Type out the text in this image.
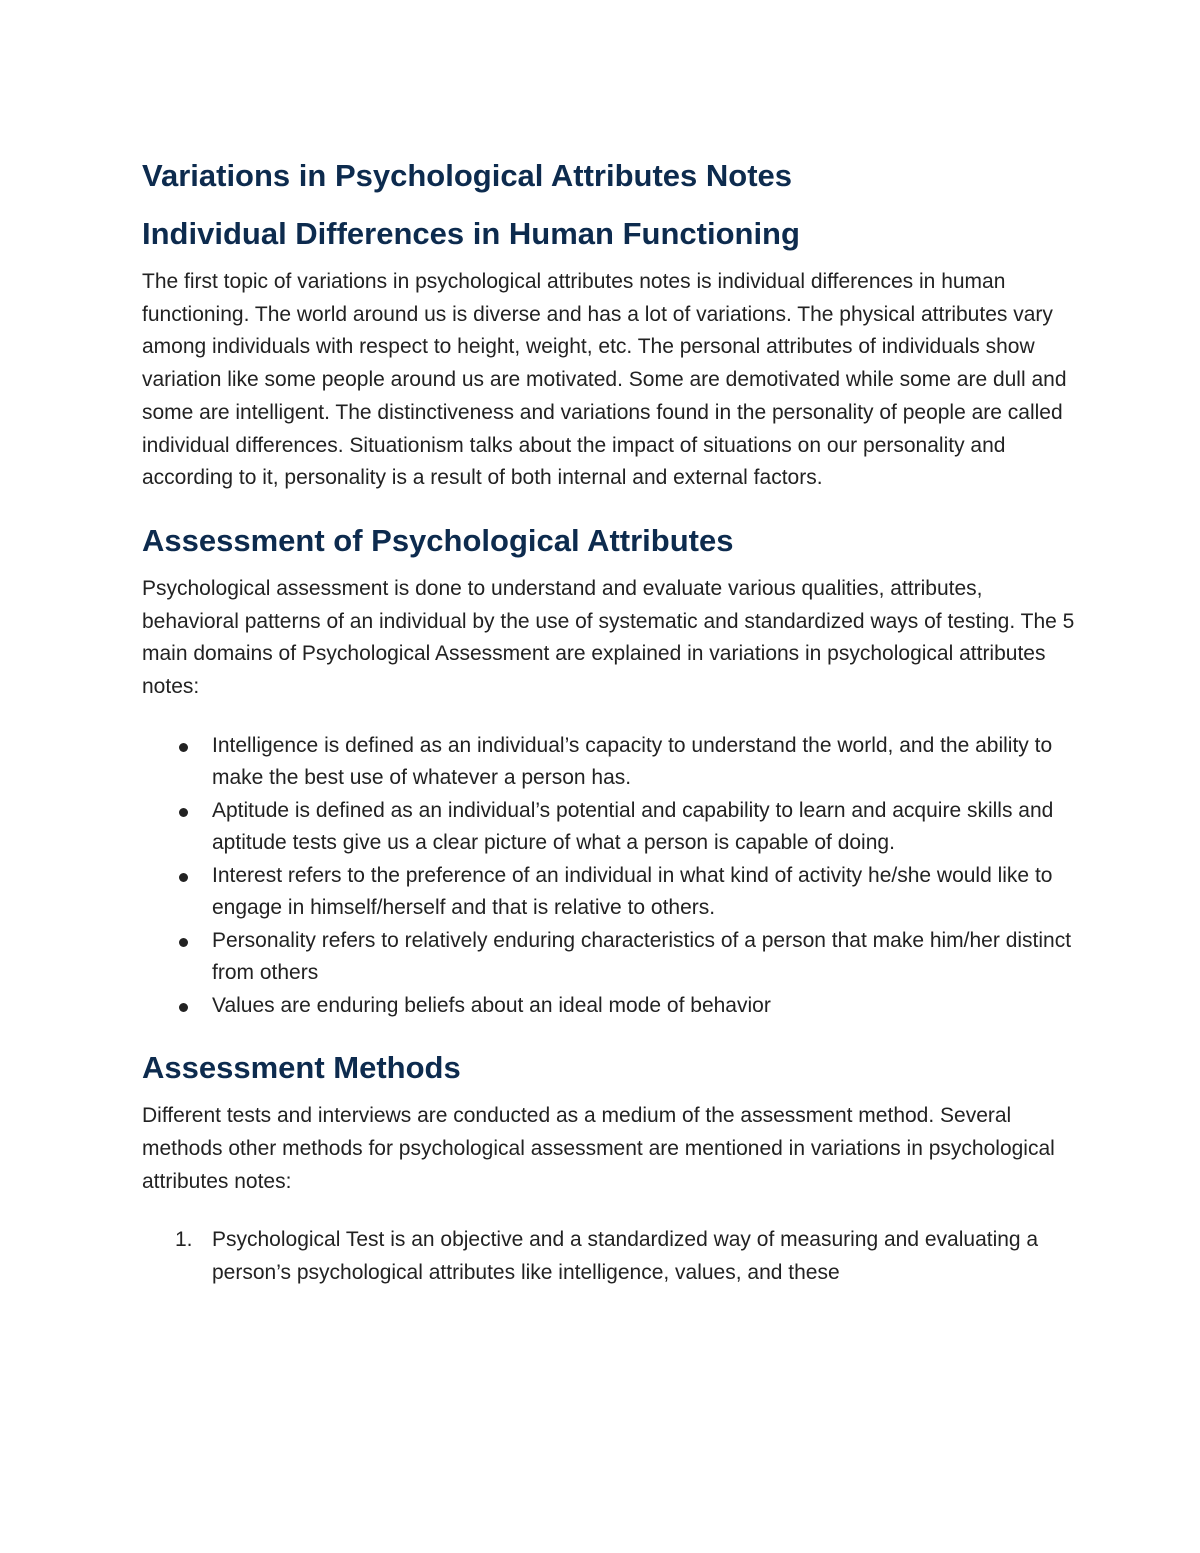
Variations in Psychological Attributes Notes
Individual Differences in Human Functioning

The first topic of variations in psychological attributes notes is individual differences in human functioning. The world around us is diverse and has a lot of variations. The physical attributes vary among individuals with respect to height, weight, etc. The personal attributes of individuals show variation like some people around us are motivated. Some are demotivated while some are dull and some are intelligent. The distinctiveness and variations found in the personality of people are called individual differences. Situationism talks about the impact of situations on our personality and according to it, personality is a result of both internal and external factors.

Assessment of Psychological Attributes

Psychological assessment is done to understand and evaluate various qualities, attributes, behavioral patterns of an individual by the use of systematic and standardized ways of testing. The 5 main domains of Psychological Assessment are explained in variations in psychological attributes notes:

Intelligence is defined as an individual’s capacity to understand the world, and the ability to make the best use of whatever a person has.
Aptitude is defined as an individual’s potential and capability to learn and acquire skills and aptitude tests give us a clear picture of what a person is capable of doing.
Interest refers to the preference of an individual in what kind of activity he/she would like to engage in himself/herself and that is relative to others.
Personality refers to relatively enduring characteristics of a person that make him/her distinct from others
Values are enduring beliefs about an ideal mode of behavior
Assessment Methods

Different tests and interviews are conducted as a medium of the assessment method. Several methods other methods for psychological assessment are mentioned in variations in psychological attributes notes:

1. Psychological Test is an objective and a standardized way of measuring and evaluating a person’s psychological attributes like intelligence, values, and these
